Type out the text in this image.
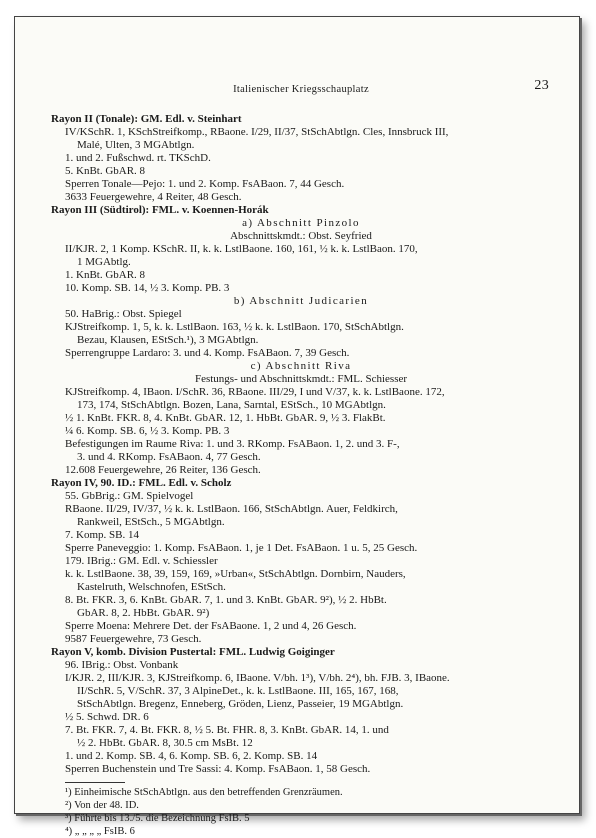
Italienischer Kriegsschauplatz	23
Rayon II (Tonale): GM. Edl. v. Steinhart
IV/KSchR. 1, KSchStreifkomp., RBaone. I/29, II/37, StSchAbtlgn. Cles, Innsbruck III,
Malé, Ulten, 3 MGAbtlgn.
1. und 2. Fußschwd. rt. TKSchD.
5. KnBt. GbAR. 8
Sperren Tonale—Pejo: 1. und 2. Komp. FsABaon. 7, 44 Gesch.
3633 Feuergewehre, 4 Reiter, 48 Gesch.
Rayon III (Südtirol): FML. v. Koennen-Horák
a) Abschnitt Pinzolo
Abschnittskmdt.: Obst. Seyfried
II/KJR. 2, 1 Komp. KSchR. II, k. k. LstlBaone. 160, 161, ½ k. k. LstlBaon. 170,
1 MGAbtlg.
1. KnBt. GbAR. 8
10. Komp. SB. 14, ½ 3. Komp. PB. 3
b) Abschnitt Judicarien
50. HaBrig.: Obst. Spiegel
KJStreifkomp. 1, 5, k. k. LstlBaon. 163, ½ k. k. LstlBaon. 170, StSchAbtlgn.
Bezau, Klausen, EStSch.¹), 3 MGAbtlgn.
Sperrengruppe Lardaro: 3. und 4. Komp. FsABaon. 7, 39 Gesch.
c) Abschnitt Riva
Festungs- und Abschnittskmdt.: FML. Schiesser
KJStreifkomp. 4, IBaon. I/SchR. 36, RBaone. III/29, I und V/37, k. k. LstlBaone. 172,
173, 174, StSchAbtlgn. Bozen, Lana, Sarntal, EStSch., 10 MGAbtlgn.
½ 1. KnBt. FKR. 8, 4. KnBt. GbAR. 12, 1. HbBt. GbAR. 9, ½ 3. FlakBt.
¼ 6. Komp. SB. 6, ½ 3. Komp. PB. 3
Befestigungen im Raume Riva: 1. und 3. RKomp. FsABaon. 1, 2. und 3. F-,
3. und 4. RKomp. FsABaon. 4, 77 Gesch.
12.608 Feuergewehre, 26 Reiter, 136 Gesch.
Rayon IV, 90. ID.: FML. Edl. v. Scholz
55. GbBrig.: GM. Spielvogel
RBaone. II/29, IV/37, ½ k. k. LstlBaon. 166, StSchAbtlgn. Auer, Feldkirch,
Rankweil, EStSch., 5 MGAbtlgn.
7. Komp. SB. 14
Sperre Paneveggio: 1. Komp. FsABaon. 1, je 1 Det. FsABaon. 1 u. 5, 25 Gesch.
179. IBrig.: GM. Edl. v. Schiessler
k. k. LstlBaone. 38, 39, 159, 169, »Urban«, StSchAbtlgn. Dornbirn, Nauders,
Kastelruth, Welschnofen, EStSch.
8. Bt. FKR. 3, 6. KnBt. GbAR. 7, 1. und 3. KnBt. GbAR. 9²), ½ 2. HbBt.
GbAR. 8, 2. HbBt. GbAR. 9²)
Sperre Moena: Mehrere Det. der FsABaone. 1, 2 und 4, 26 Gesch.
9587 Feuergewehre, 73 Gesch.
Rayon V, komb. Division Pustertal: FML. Ludwig Goiginger
96. IBrig.: Obst. Vonbank
I/KJR. 2, III/KJR. 3, KJStreifkomp. 6, IBaone. V/bh. 1³), V/bh. 2⁴), bh. FJB. 3, IBaone.
II/SchR. 5, V/SchR. 37, 3 AlpineDet., k. k. LstlBaone. III, 165, 167, 168,
StSchAbtlgn. Bregenz, Enneberg, Gröden, Lienz, Passeier, 19 MGAbtlgn.
½ 5. Schwd. DR. 6
7. Bt. FKR. 7, 4. Bt. FKR. 8, ½ 5. Bt. FHR. 8, 3. KnBt. GbAR. 14, 1. und
½ 2. HbBt. GbAR. 8, 30.5 cm MsBt. 12
1. und 2. Komp. SB. 4, 6. Komp. SB. 6, 2. Komp. SB. 14
Sperren Buchenstein und Tre Sassi: 4. Komp. FsABaon. 1, 58 Gesch.
¹) Einheimische StSchAbtlgn. aus den betreffenden Grenzräumen.
²) Von der 48. ID.
³) Führte bis 13./5. die Bezeichnung FsIB. 5
⁴) „ „ „ „ FsIB. 6
